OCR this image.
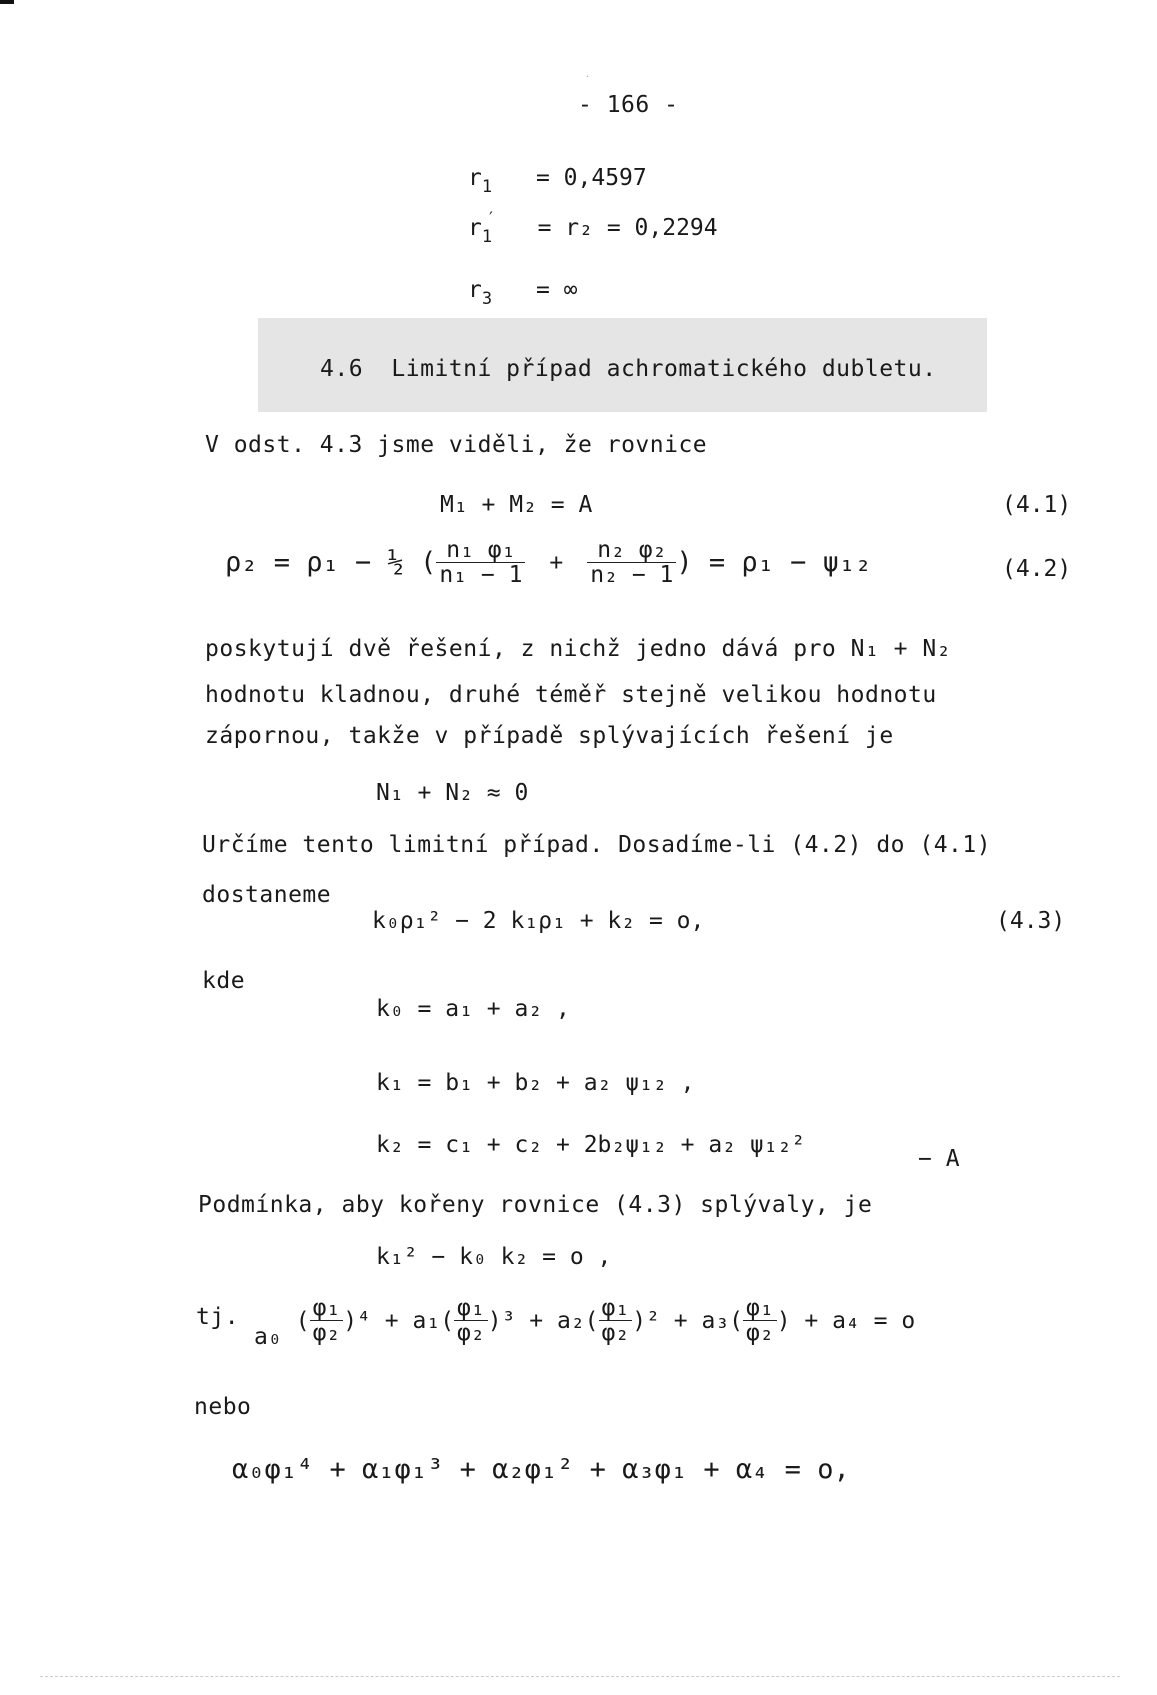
·
- 166 -
$r_1 = 0,4597$
$r_1' = r_2 = 0,2294$
$r_3$ = ∞
4.6 Limitní případ achromatického dubletu.
V odst. 4.3 jsme viděli, že rovnice
M₁ + M₂ = A	(4.1)
ρ₂ = ρ₁ − ½ ( $\frac{\text{n₁ φ₁}}{\text{n₁ − 1}} + \frac{\text{n₂ φ₂}}{\text{n₂ − 1}}$ ) = ρ₁ − ψ₁₂	(4.2)
poskytují dvě řešení, z nichž jedno dává pro N₁ + N₂
hodnotu kladnou, druhé téměř stejně velikou hodnotu
zápornou, takže v případě splývajících řešení je
N₁ + N₂ ≈ 0
Určíme tento limitní případ. Dosadíme-li (4.2) do (4.1)
dostaneme
k₀ρ₁² − 2 k₁ρ₁ + k₂ = o,	(4.3)
kde
k₀ = a₁ + a₂ ,
k₁ = b₁ + b₂ + a₂ ψ₁₂ ,
k₂ = c₁ + c₂ + 2b₂ψ₁₂ + a₂ ψ₁₂²
− A
Podmínka, aby kořeny rovnice (4.3) splývaly, je
k₁² − k₀ k₂ = o ,
tj.
a₀
( $\frac{\text{φ₁}}{\text{φ₂}} )^4 + a_1( \frac{\text{φ₁}}{\text{φ₂}} )^3 + a_2( \frac{\text{φ₁}}{\text{φ₂}} )^2 + a_3( \frac{\text{φ₁}}{\text{φ₂}}$ ) + a₄ = o
nebo
α₀φ₁⁴ + α₁φ₁³ + α₂φ₁² + α₃φ₁ + α₄ = o,
